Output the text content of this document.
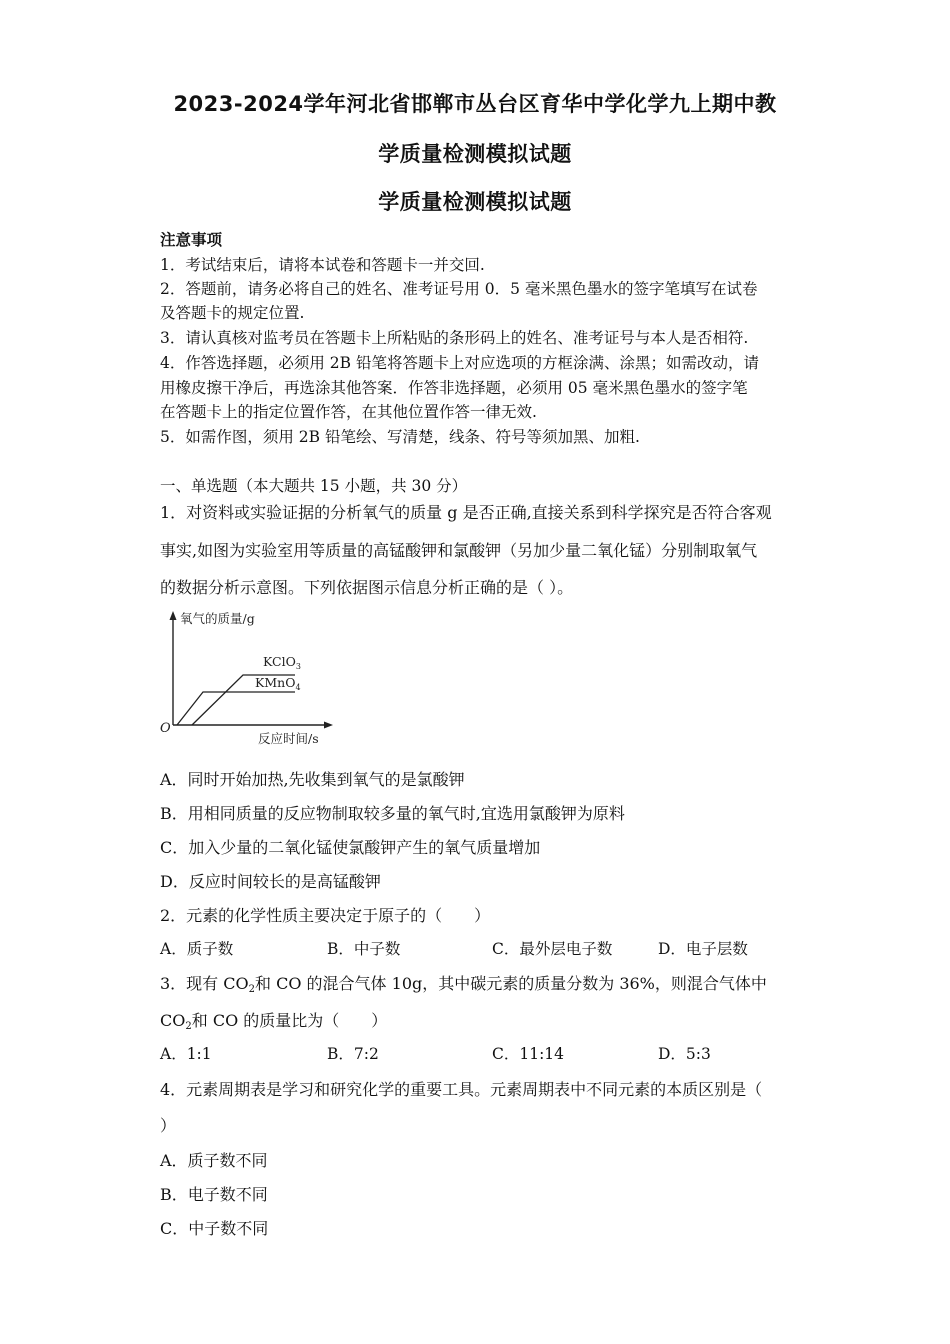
2023-2024学年河北省邯郸市丛台区育华中学化学九上期中教
学质量检测模拟试题
学质量检测模拟试题
注意事项
1．考试结束后，请将本试卷和答题卡一并交回.
2．答题前，请务必将自己的姓名、准考证号用 0．5 毫米黑色墨水的签字笔填写在试卷
及答题卡的规定位置.
3．请认真核对监考员在答题卡上所粘贴的条形码上的姓名、准考证号与本人是否相符.
4．作答选择题，必须用 2B 铅笔将答题卡上对应选项的方框涂满、涂黑；如需改动，请
用橡皮擦干净后，再选涂其他答案．作答非选择题，必须用 05 毫米黑色墨水的签字笔
在答题卡上的指定位置作答，在其他位置作答一律无效.
5．如需作图，须用 2B 铅笔绘、写清楚，线条、符号等须加黑、加粗.
一、单选题（本大题共 15 小题，共 30 分）
1．对资料或实验证据的分析氧气的质量 g 是否正确,直接关系到科学探究是否符合客观
事实,如图为实验室用等质量的高锰酸钾和氯酸钾（另加少量二氧化锰）分别制取氧气
的数据分析示意图。下列依据图示信息分析正确的是（ ）。
氧气的质量/g
O
反应时间/s
KClO$_3$
KMnO$_4$
A．同时开始加热,先收集到氧气的是氯酸钾
B．用相同质量的反应物制取较多量的氧气时,宜选用氯酸钾为原料
C．加入少量的二氧化锰使氯酸钾产生的氧气质量增加
D．反应时间较长的是高锰酸钾
2．元素的化学性质主要决定于原子的（　　）
A．质子数	B．中子数	C．最外层电子数	D．电子层数
3．现有 $CO_2$和 CO 的混合气体 10g，其中碳元素的质量分数为 36%，则混合气体中
$CO_2$和 CO 的质量比为（　　）
A．1:1	B．7:2	C．11:14	D．5:3
4．元素周期表是学习和研究化学的重要工具。元素周期表中不同元素的本质区别是（
）
A．质子数不同
B．电子数不同
C．中子数不同
